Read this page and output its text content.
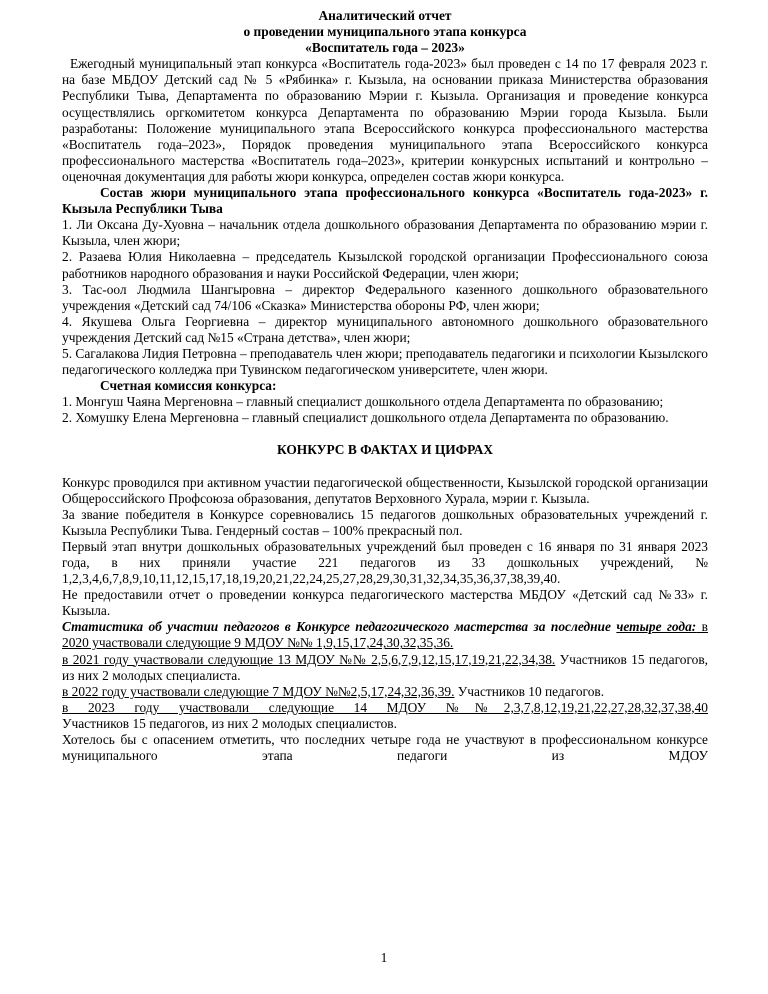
Аналитический отчет
о проведении муниципального этапа конкурса
«Воспитатель года – 2023»

Ежегодный муниципальный этап конкурса «Воспитатель года-2023» был проведен с 14 по 17 февраля 2023 г. на базе МБДОУ Детский сад № 5 «Рябинка» г. Кызыла, на основании приказа Министерства образования Республики Тыва, Департамента по образованию Мэрии г. Кызыла. Организация и проведение конкурса осуществлялись оргкомитетом конкурса Департамента по образованию Мэрии города Кызыла. Были разработаны: Положение муниципального этапа Всероссийского конкурса профессионального мастерства «Воспитатель года–2023», Порядок проведения муниципального этапа Всероссийского конкурса профессионального мастерства «Воспитатель года–2023», критерии конкурсных испытаний и контрольно – оценочная документация для работы жюри конкурса, определен состав жюри конкурса.

Состав жюри муниципального этапа профессионального конкурса «Воспитатель года-2023» г. Кызыла Республики Тыва

1. Ли Оксана Ду-Хуовна – начальник отдела дошкольного образования Департамента по образованию мэрии г. Кызыла, член жюри;

2. Разаева Юлия Николаевна – председатель Кызылской городской организации Профессионального союза работников народного образования и науки Российской Федерации, член жюри;

3. Тас-оол Людмила Шангыровна – директор Федерального казенного дошкольного образовательного учреждения «Детский сад 74/106 «Сказка» Министерства обороны РФ, член жюри;

4. Якушева Ольга Георгиевна – директор муниципального автономного дошкольного образовательного учреждения Детский сад №15 «Страна детства», член жюри;

5. Сагалакова Лидия Петровна – преподаватель член жюри; преподаватель педагогики и психологии Кызылского педагогического колледжа при Тувинском педагогическом университете, член жюри.

Счетная комиссия конкурса:

1. Монгуш Чаяна Мергеновна – главный специалист дошкольного отдела Департамента по образованию;

2. Хомушку Елена Мергеновна – главный специалист дошкольного отдела Департамента по образованию.

КОНКУРС В ФАКТАХ И ЦИФРАХ

Конкурс проводился при активном участии педагогической общественности, Кызылской городской организации Общероссийского Профсоюза образования, депутатов Верховного Хурала, мэрии г. Кызыла.

За звание победителя в Конкурсе соревновались 15 педагогов дошкольных образовательных учреждений г. Кызыла Республики Тыва. Гендерный состав – 100% прекрасный пол.

Первый этап внутри дошкольных образовательных учреждений был проведен с 16 января по 31 января 2023 года, в них приняли участие 221 педагогов из 33 дошкольных учреждений, № 1,2,3,4,6,7,8,9,10,11,12,15,17,18,19,20,21,22,24,25,27,28,29,30,31,32,34,35,36,37,38,39,40.

Не предоставили отчет о проведении конкурса педагогического мастерства МБДОУ «Детский сад №33» г. Кызыла.

Статистика об участии педагогов в Конкурсе педагогического мастерства за последние четыре года: в 2020 участвовали следующие 9 МДОУ №№ 1,9,15,17,24,30,32,35,36.

в 2021 году участвовали следующие 13 МДОУ №№ 2,5,6,7,9,12,15,17,19,21,22,34,38. Участников 15 педагогов, из них 2 молодых специалиста.

в 2022 году участвовали следующие 7 МДОУ №№2,5,17,24,32,36,39. Участников 10 педагогов.

в 2023 году участвовали следующие 14 МДОУ №№2,3,7,8,12,19,21,22,27,28,32,37,38,40

Участников 15 педагогов, из них 2 молодых специалистов.

Хотелось бы с опасением отметить, что последних четыре года не участвуют в профессиональном конкурсе муниципального этапа педагоги из МДОУ

1
